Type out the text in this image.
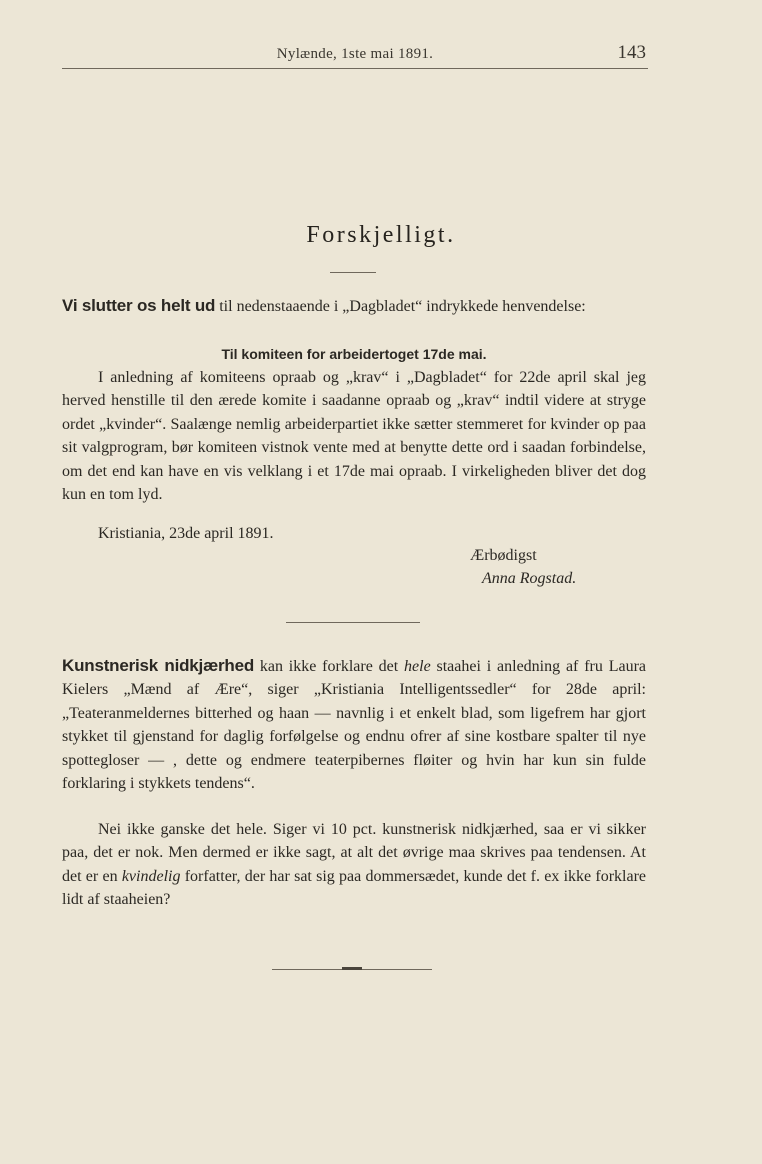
Nylænde, 1ste mai 1891.	143
Forskjelligt.
Vi slutter os helt ud til nedenstaaende i „Dagbladet“ indrykkede henvendelse:
Til komiteen for arbeidertoget 17de mai.
I anledning af komiteens opraab og „krav“ i „Dagbladet“ for 22de april skal jeg herved henstille til den ærede komite i saadanne opraab og „krav“ indtil videre at stryge ordet „kvinder“. Saalænge nemlig arbeiderpartiet ikke sætter stemmeret for kvinder op paa sit valgprogram, bør komiteen vistnok vente med at benytte dette ord i saadan forbindelse, om det end kan have en vis velklang i et 17de mai opraab. I virkeligheden bliver det dog kun en tom lyd.
Kristiania, 23de april 1891.
Ærbødigst
Anna Rogstad.
Kunstnerisk nidkjærhed kan ikke forklare det hele staahei i anledning af fru Laura Kielers „Mænd af Ære“, siger „Kristiania Intelligentssedler“ for 28de april: „Teateranmeldernes bitterhed og haan — navnlig i et enkelt blad, som ligefrem har gjort stykket til gjenstand for daglig forfølgelse og endnu ofrer af sine kostbare spalter til nye spottegloser — , dette og endmere teaterpibernes fløiter og hvin har kun sin fulde forklaring i stykkets tendens“.
Nei ikke ganske det hele. Siger vi 10 pct. kunstnerisk nidkjærhed, saa er vi sikker paa, det er nok. Men dermed er ikke sagt, at alt det øvrige maa skrives paa tendensen. At det er en kvindelig forfatter, der har sat sig paa dommersædet, kunde det f. ex ikke forklare lidt af staaheien?
